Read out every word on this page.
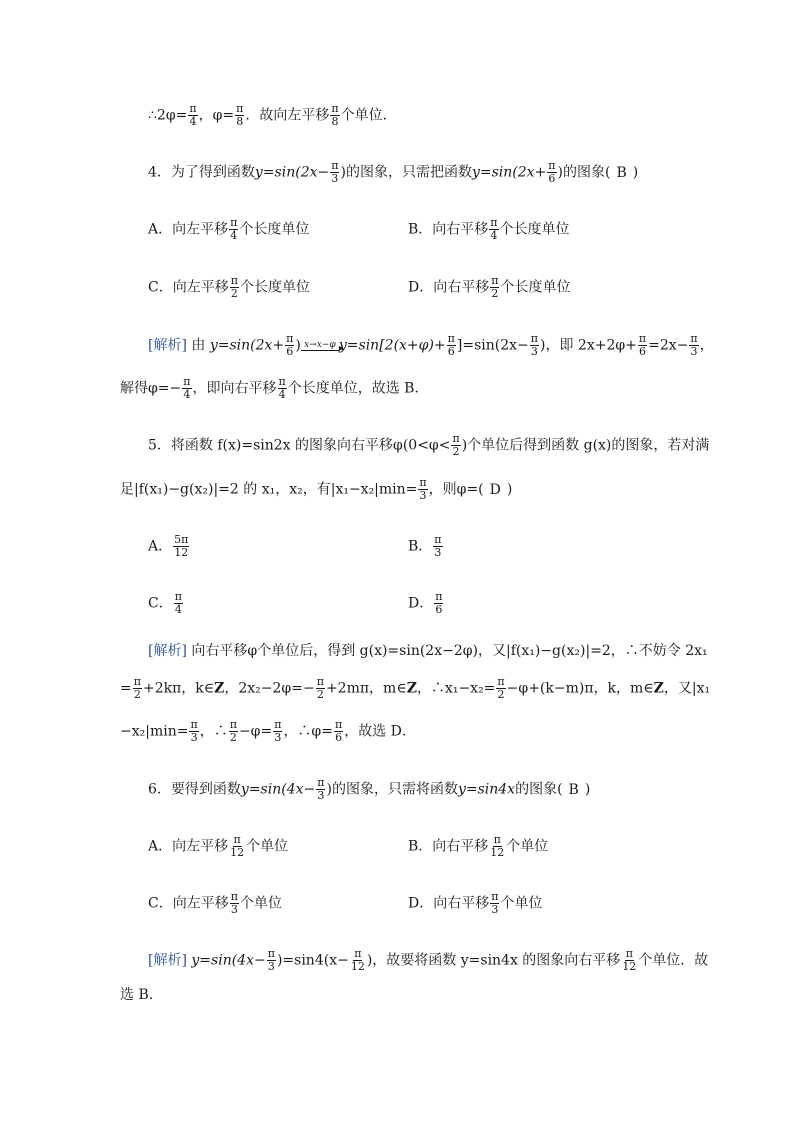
∴2φ= $\frac{\pi}{4}$ ，$\varphi= \frac{\pi}{8}$ ．故向左平移 $\frac{\pi}{8}$ 个单位．
4．为了得到函数$y=\sin(2x- \frac{\pi}{3}$ )的图象，只需把函数$y=\sin(2x+ \frac{\pi}{6}$ )的图象( B )
A．向左平移 $\frac{\pi}{4}$ 个长度单位	B．向右平移 $\frac{\pi}{4}$ 个长度单位
C．向左平移 $\frac{\pi}{2}$ 个长度单位	D．向右平移 $\frac{\pi}{2}$ 个长度单位
[解析] 由 $y=\sin(2x+ \frac{\pi}{6}$ ) x→x−φ
▸ $y=\sin[2(x+\varphi)+ \frac{\pi}{6} ]=\sin(2x- \frac{\pi}{3}$ )，即 $2x+2\varphi+ \frac{\pi}{6} =2x- \frac{\pi}{3}$ ，
解得$\varphi=- \frac{\pi}{4}$ ，即向右平移 $\frac{\pi}{4}$ 个长度单位，故选 B．
5．将函数 f(x)=sin2x 的图象向右平移$\varphi(0<\varphi< \frac{\pi}{2}$ )个单位后得到函数 g(x)的图象，若对满
足|f(x₁)−g(x₂)|=2 的 x₁，x₂，有$|x_1-x_2|\min= \frac{\pi}{3}$ ，则φ=( D )
A． $\frac{5\pi}{12}$	B． $\frac{\pi}{3}$
C． $\frac{\pi}{4}$	D． $\frac{\pi}{6}$
[解析] 向右平移φ个单位后，得到 g(x)=sin(2x−2φ)，又|f(x₁)−g(x₂)|=2，∴不妨令 2x₁
= $\frac{\pi}{2} +2k\pi$，k∈Z，$2x_2-2\varphi=- \frac{\pi}{2} +2m\pi$，m∈Z，∴x₁−x₂= $\frac{\pi}{2} -\varphi+(k-m)\pi$，k，m∈Z，又|x₁
$-x_2|\min= \frac{\pi}{3}$ ，∴ $\frac{\pi}{2} -\varphi= \frac{\pi}{3}$ ，∴φ= $\frac{\pi}{6}$ ，故选 D．
6．要得到函数$y=\sin(4x- \frac{\pi}{3}$ )的图象，只需将函数y=sin4x的图象( B )
A．向左平移 $\frac{\pi}{12}$ 个单位	B．向右平移 $\frac{\pi}{12}$ 个单位
C．向左平移 $\frac{\pi}{3}$ 个单位	D．向右平移 $\frac{\pi}{3}$ 个单位
[解析] $y=\sin(4x- \frac{\pi}{3} )=\sin 4(x- \frac{\pi}{12}$ )，故要将函数 y=sin4x 的图象向右平移 $\frac{\pi}{12}$ 个单位．故
选 B．
